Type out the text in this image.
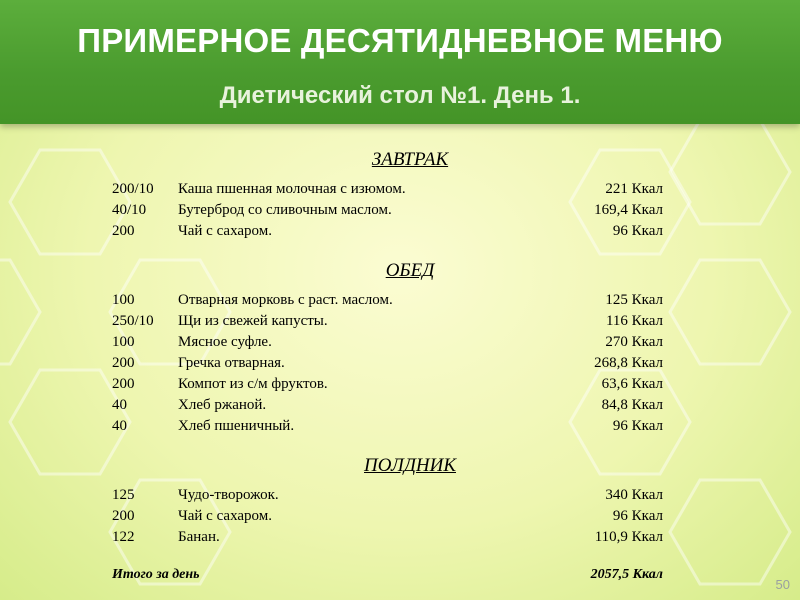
ПРИМЕРНОЕ ДЕСЯТИДНЕВНОЕ МЕНЮ
Диетический стол №1. День 1.
ЗАВТРАК
200/10 Каша пшенная молочная с изюмом.	221 Ккал
40/10 Бутерброд со сливочным маслом.	169,4 Ккал
200	Чай с сахаром.	96 Ккал
ОБЕД
100	Отварная морковь с раст. маслом.	125 Ккал
250/10 Щи из свежей капусты.	116 Ккал
100	Мясное суфле.	270 Ккал
200	Гречка отварная.	268,8 Ккал
200	Компот из с/м фруктов.	63,6 Ккал
40	Хлеб ржаной.	84,8 Ккал
40	Хлеб пшеничный.	96 Ккал
ПОЛДНИК
125	Чудо-творожок.	340 Ккал
200	Чай с сахаром.	96 Ккал
122	Банан.	110,9 Ккал
Итого за день	2057,5 Ккал
50
